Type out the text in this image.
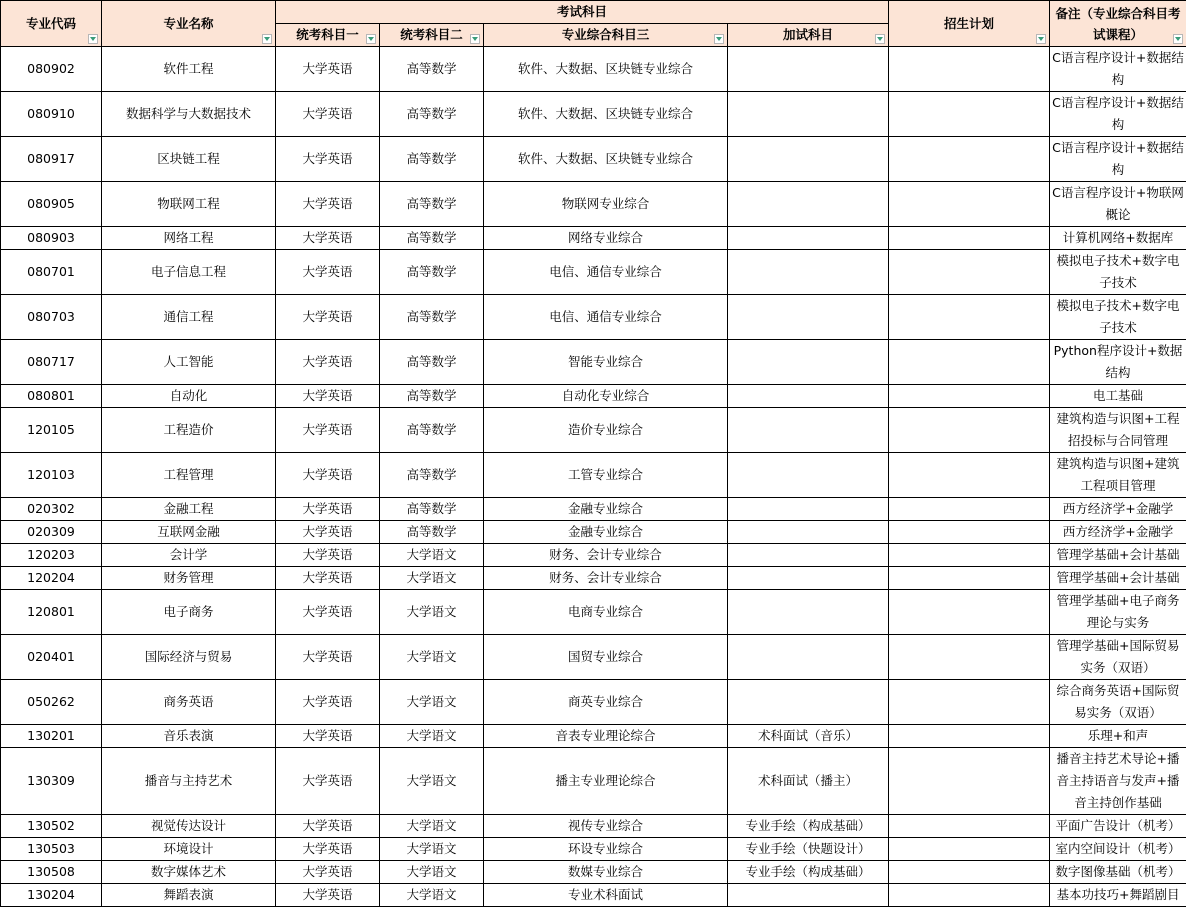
专业代码	专业名称	考试科目				招生计划	备注（专业综合科目考试课程）

		统考科目一	统考科目二	专业综合科目三	加试科目		

080902	软件工程	大学英语	高等数学	软件、大数据、区块链专业综合			C语言程序设计+数据结构
080910	数据科学与大数据技术	大学英语	高等数学	软件、大数据、区块链专业综合			C语言程序设计+数据结构
080917	区块链工程	大学英语	高等数学	软件、大数据、区块链专业综合			C语言程序设计+数据结构
080905	物联网工程	大学英语	高等数学	物联网专业综合			C语言程序设计+物联网概论
080903	网络工程	大学英语	高等数学	网络专业综合			计算机网络+数据库
080701	电子信息工程	大学英语	高等数学	电信、通信专业综合			模拟电子技术+数字电子技术
080703	通信工程	大学英语	高等数学	电信、通信专业综合			模拟电子技术+数字电子技术
080717	人工智能	大学英语	高等数学	智能专业综合			Python程序设计+数据结构
080801	自动化	大学英语	高等数学	自动化专业综合			电工基础
120105	工程造价	大学英语	高等数学	造价专业综合			建筑构造与识图+工程招投标与合同管理
120103	工程管理	大学英语	高等数学	工管专业综合			建筑构造与识图+建筑工程项目管理
020302	金融工程	大学英语	高等数学	金融专业综合			西方经济学+金融学
020309	互联网金融	大学英语	高等数学	金融专业综合			西方经济学+金融学
120203	会计学	大学英语	大学语文	财务、会计专业综合			管理学基础+会计基础
120204	财务管理	大学英语	大学语文	财务、会计专业综合			管理学基础+会计基础
120801	电子商务	大学英语	大学语文	电商专业综合			管理学基础+电子商务理论与实务
020401	国际经济与贸易	大学英语	大学语文	国贸专业综合			管理学基础+国际贸易实务（双语）
050262	商务英语	大学英语	大学语文	商英专业综合			综合商务英语+国际贸易实务（双语）
130201	音乐表演	大学英语	大学语文	音表专业理论综合	术科面试（音乐）		乐理+和声
130309	播音与主持艺术	大学英语	大学语文	播主专业理论综合	术科面试（播主）		播音主持艺术导论+播音主持语音与发声+播音主持创作基础
130502	视觉传达设计	大学英语	大学语文	视传专业综合	专业手绘（构成基础）		平面广告设计（机考）
130503	环境设计	大学英语	大学语文	环设专业综合	专业手绘（快题设计）		室内空间设计（机考）
130508	数字媒体艺术	大学英语	大学语文	数媒专业综合	专业手绘（构成基础）		数字图像基础（机考）
130204	舞蹈表演	大学英语	大学语文	专业术科面试			基本功技巧+舞蹈剧目
